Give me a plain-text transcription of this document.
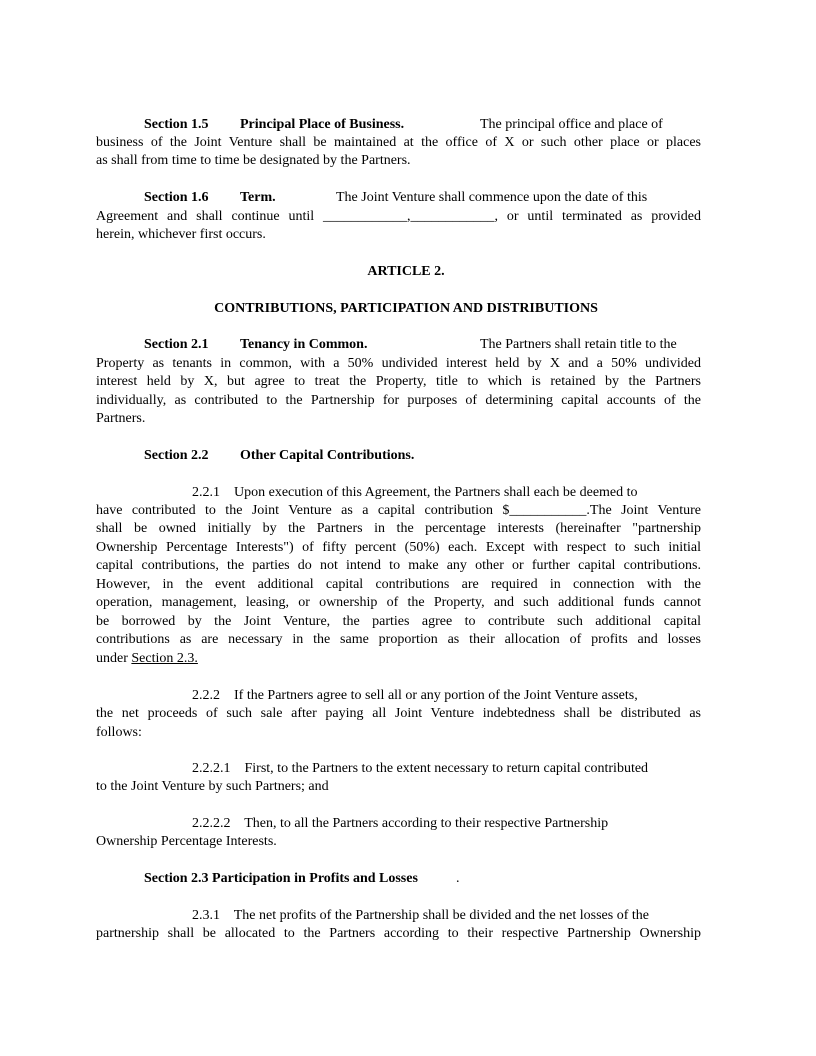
Section 1.5 Principal Place of Business.	The principal office and place of
business of the Joint Venture shall be maintained at the office of X or such other place or places
as shall from time to time be designated by the Partners.
Section 1.6 Term.	The Joint Venture shall commence upon the date of this
Agreement and shall continue until ____________,____________, or until terminated as provided
herein, whichever first occurs.
ARTICLE 2.
CONTRIBUTIONS, PARTICIPATION AND DISTRIBUTIONS
Section 2.1 Tenancy in Common.	The Partners shall retain title to the
Property as tenants in common, with a 50% undivided interest held by X and a 50% undivided
interest held by X, but agree to treat the Property, title to which is retained by the Partners
individually, as contributed to the Partnership for purposes of determining capital accounts of the
Partners.
Section 2.2 Other Capital Contributions.
2.2.1    Upon execution of this Agreement, the Partners shall each be deemed to
have contributed to the Joint Venture as a capital contribution $___________.The Joint Venture
shall be owned initially by the Partners in the percentage interests (hereinafter "partnership
Ownership Percentage Interests") of fifty percent (50%) each. Except with respect to such initial
capital contributions, the parties do not intend to make any other or further capital contributions.
However, in the event additional capital contributions are required in connection with the
operation, management, leasing, or ownership of the Property, and such additional funds cannot
be borrowed by the Joint Venture, the parties agree to contribute such additional capital
contributions as are necessary in the same proportion as their allocation of profits and losses
under Section 2.3.
2.2.2    If the Partners agree to sell all or any portion of the Joint Venture assets,
the net proceeds of such sale after paying all Joint Venture indebtedness shall be distributed as
follows:
2.2.2.1    First, to the Partners to the extent necessary to return capital contributed
to the Joint Venture by such Partners; and
2.2.2.2    Then, to all the Partners according to their respective Partnership
Ownership Percentage Interests.
Section 2.3 Participation in Profits and Losses	.
2.3.1    The net profits of the Partnership shall be divided and the net losses of the
partnership shall be allocated to the Partners according to their respective Partnership Ownership
